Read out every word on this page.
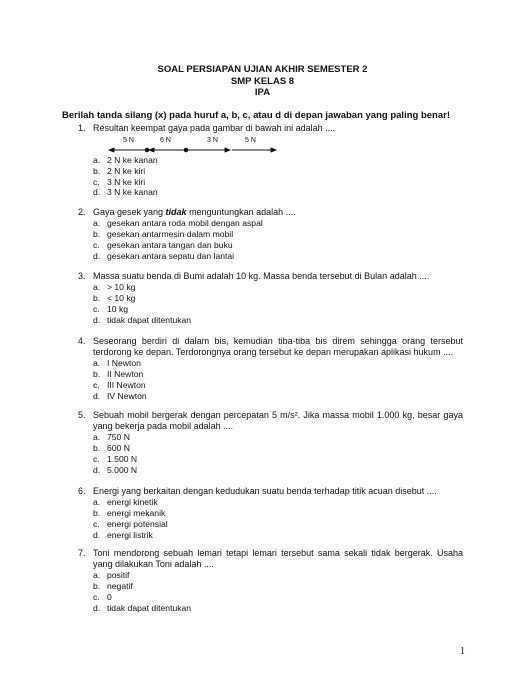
SOAL PERSIAPAN UJIAN AKHIR SEMESTER 2
SMP KELAS 8
IPA
Berilah tanda silang (x) pada huruf a, b, c, atau d di depan jawaban yang paling benar!
1. Resultan keempat gaya pada gambar di bawah ini adalah ....
5 N	6 N	3 N	5 N
a. 2 N ke kanan
b. 2 N ke kiri
c. 3 N ke kiri
d. 3 N ke kanan
2. Gaya gesek yang tidak menguntungkan adalah ....
a. gesekan antara roda mobil dengan aspal
b. gesekan antarmesin dalam mobil
c. gesekan antara tangan dan buku
d. gesekan antara sepatu dan lantai
3. Massa suatu benda di Bumi adalah 10 kg. Massa benda tersebut di Bulan adalah ....
a. > 10 kg
b. < 10 kg
c. 10 kg
d. tidak dapat ditentukan
4. Seseorang berdiri di dalam bis, kemudian tiba-tiba bis direm sehingga orang tersebut terdorong ke depan. Terdorongnya orang tersebut ke depan merupakan aplikasi hukum ....
a. I Newton
b. II Newton
c. III Newton
d. IV Newton
5. Sebuah mobil bergerak dengan percepatan 5 m/s². Jika massa mobil 1.000 kg, besar gaya yang bekerja pada mobil adalah ....
a. 750 N
b. 600 N
c. 1.500 N
d. 5.000 N
6. Energi yang berkaitan dengan kedudukan suatu benda terhadap titik acuan disebut ....
a. energi kinetik
b. energi mekanik
c. energi potensial
d. energi listrik
7. Toni mendorong sebuah lemari tetapi lemari tersebut sama sekali tidak bergerak. Usaha yang dilakukan Toni adalah ....
a. positif
b. negatif
c. 0
d. tidak dapat ditentukan
1
